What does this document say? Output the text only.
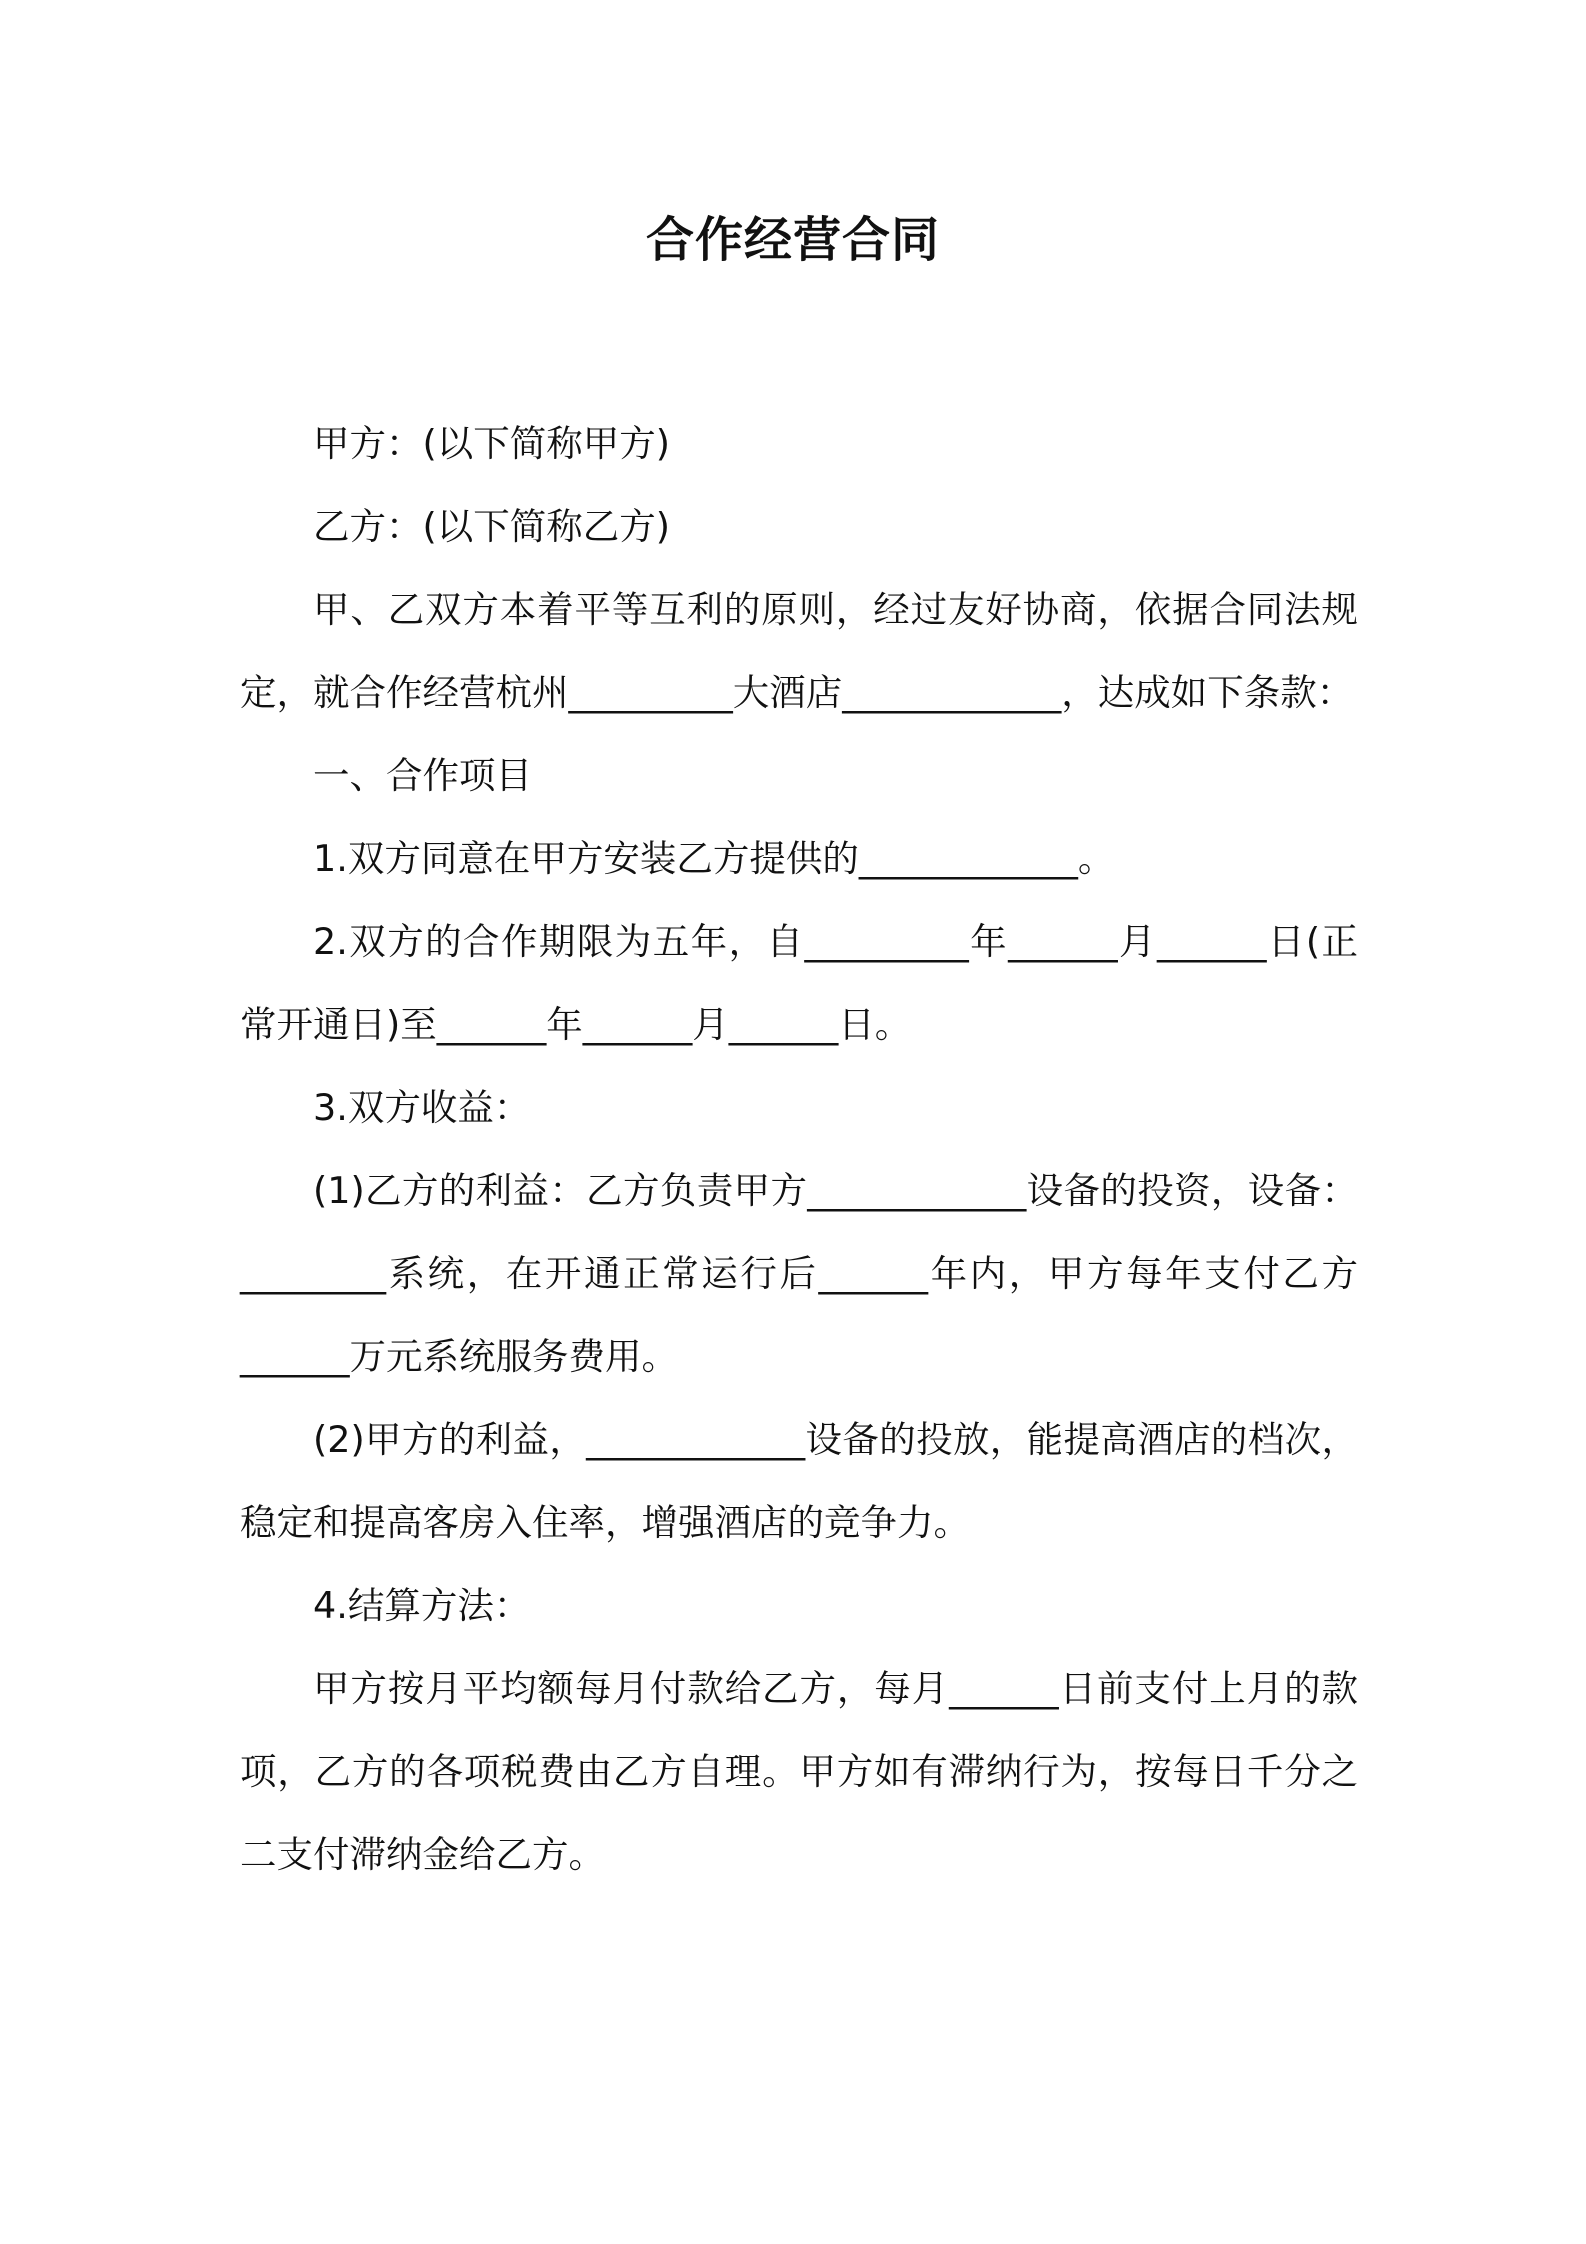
合作经营合同

甲方：(以下简称甲方)

乙方：(以下简称乙方)

甲、乙双方本着平等互利的原则，经过友好协商，依据合同法规定，就合作经营杭州_________大酒店____________，达成如下条款：

一、合作项目

1.双方同意在甲方安装乙方提供的____________。

2.双方的合作期限为五年，自_________年______月______日(正常开通日)至______年______月______日。

3.双方收益：

(1)乙方的利益：乙方负责甲方____________设备的投资，设备：________系统，在开通正常运行后______年内，甲方每年支付乙方______万元系统服务费用。

(2)甲方的利益，____________设备的投放，能提高酒店的档次，稳定和提高客房入住率，增强酒店的竞争力。

4.结算方法：

甲方按月平均额每月付款给乙方，每月______日前支付上月的款项，乙方的各项税费由乙方自理。甲方如有滞纳行为，按每日千分之二支付滞纳金给乙方。
